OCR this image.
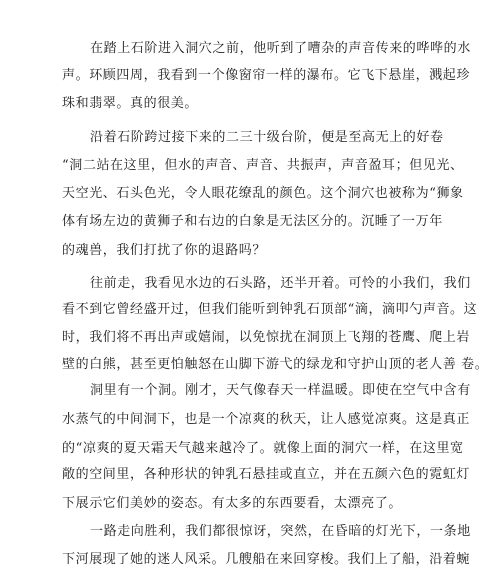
在踏上石阶进入洞穴之前，他听到了嘈杂的声音传来的哗哗的水
声。环顾四周，我看到一个像窗帘一样的瀑布。它飞下悬崖，溅起珍
珠和翡翠。真的很美。
沿着石阶跨过接下来的二三十级台阶，便是至高无上的好卷
“洞二站在这里，但水的声音、声音、共振声，声音盈耳；但见光、
天空光、石头色光，令人眼花缭乱的颜色。这个洞穴也被称为“狮象
体有场左边的黄狮子和右边的白象是无法区分的。沉睡了一万年
的魂兽，我们打扰了你的退路吗？
往前走，我看见水边的石头路，还半开着。可怜的小我们，我们
看不到它曾经盛开过，但我们能听到钟乳石顶部“滴，滴叩勺声音。这
时，我们将不再出声或嬉闹，以免惊扰在洞顶上飞翔的苍鹰、爬上岩
壁的白熊，甚至更怕触怒在山脚下游弋的绿龙和守护山顶的老人善 卷。
洞里有一个洞。刚才，天气像春天一样温暖。即使在空气中含有
水蒸气的中间洞下，也是一个凉爽的秋天，让人感觉凉爽。这是真正
的“凉爽的夏天霜天气越来越冷了。就像上面的洞穴一样，在这里宽
敞的空间里，各种形状的钟乳石悬挂或直立，并在五颜六色的霓虹灯
下展示它们美妙的姿态。有太多的东西要看，太漂亮了。
一路走向胜利，我们都很惊讶，突然，在昏暗的灯光下，一条地
下河展现了她的迷人风采。几艘船在来回穿梭。我们上了船，沿着蜿
